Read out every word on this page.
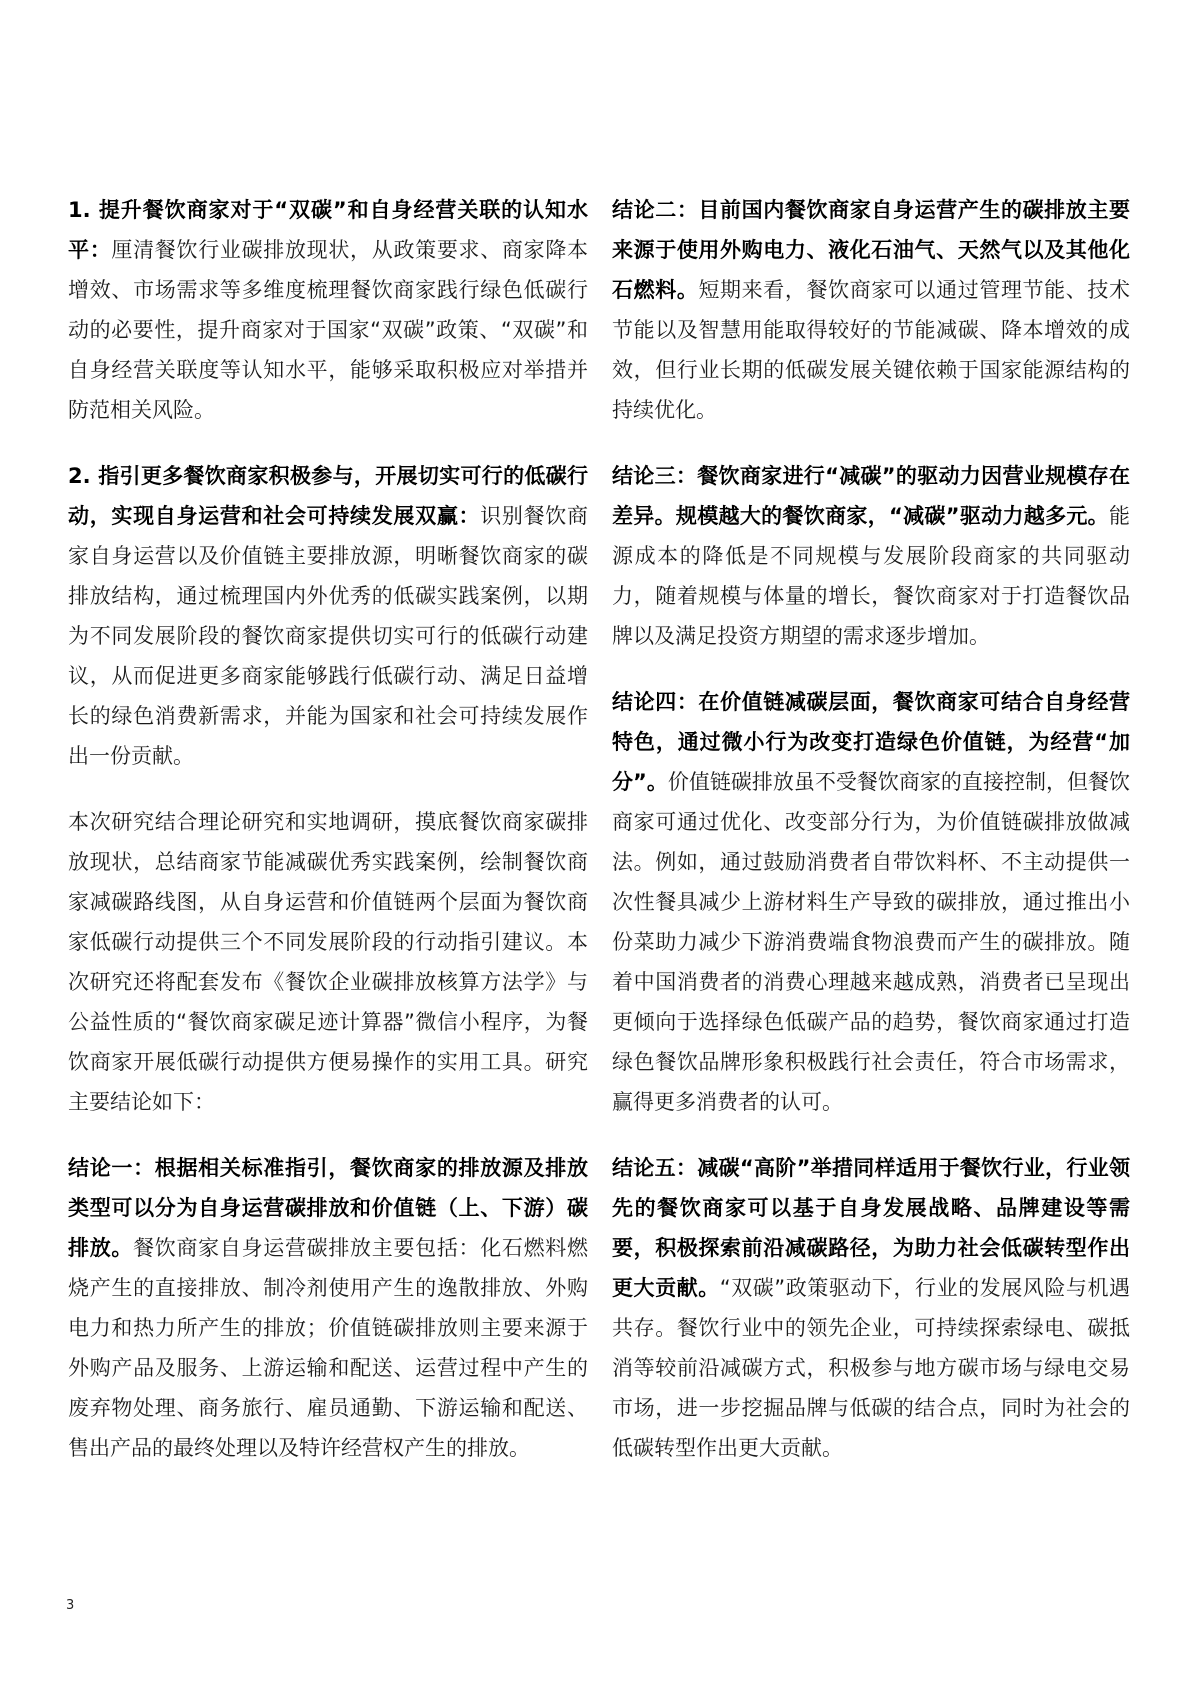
1. 提升餐饮商家对于“双碳”和自身经营关联的认知水平：厘清餐饮行业碳排放现状，从政策要求、商家降本增效、市场需求等多维度梳理餐饮商家践行绿色低碳行动的必要性，提升商家对于国家“双碳”政策、“双碳”和自身经营关联度等认知水平，能够采取积极应对举措并防范相关风险。

2. 指引更多餐饮商家积极参与，开展切实可行的低碳行动，实现自身运营和社会可持续发展双赢：识别餐饮商家自身运营以及价值链主要排放源，明晰餐饮商家的碳排放结构，通过梳理国内外优秀的低碳实践案例，以期为不同发展阶段的餐饮商家提供切实可行的低碳行动建议，从而促进更多商家能够践行低碳行动、满足日益增长的绿色消费新需求，并能为国家和社会可持续发展作出一份贡献。

本次研究结合理论研究和实地调研，摸底餐饮商家碳排放现状，总结商家节能减碳优秀实践案例，绘制餐饮商家减碳路线图，从自身运营和价值链两个层面为餐饮商家低碳行动提供三个不同发展阶段的行动指引建议。本次研究还将配套发布《餐饮企业碳排放核算方法学》与公益性质的“餐饮商家碳足迹计算器”微信小程序，为餐饮商家开展低碳行动提供方便易操作的实用工具。研究主要结论如下：

结论一：根据相关标准指引，餐饮商家的排放源及排放类型可以分为自身运营碳排放和价值链（上、下游）碳排放。餐饮商家自身运营碳排放主要包括：化石燃料燃烧产生的直接排放、制冷剂使用产生的逸散排放、外购电力和热力所产生的排放；价值链碳排放则主要来源于外购产品及服务、上游运输和配送、运营过程中产生的废弃物处理、商务旅行、雇员通勤、下游运输和配送、售出产品的最终处理以及特许经营权产生的排放。

结论二：目前国内餐饮商家自身运营产生的碳排放主要来源于使用外购电力、液化石油气、天然气以及其他化石燃料。短期来看，餐饮商家可以通过管理节能、技术节能以及智慧用能取得较好的节能减碳、降本增效的成效，但行业长期的低碳发展关键依赖于国家能源结构的持续优化。

结论三：餐饮商家进行“减碳”的驱动力因营业规模存在差异。规模越大的餐饮商家，“减碳”驱动力越多元。能源成本的降低是不同规模与发展阶段商家的共同驱动力，随着规模与体量的增长，餐饮商家对于打造餐饮品牌以及满足投资方期望的需求逐步增加。

结论四：在价值链减碳层面，餐饮商家可结合自身经营特色，通过微小行为改变打造绿色价值链，为经营“加分”。价值链碳排放虽不受餐饮商家的直接控制，但餐饮商家可通过优化、改变部分行为，为价值链碳排放做减法。例如，通过鼓励消费者自带饮料杯、不主动提供一次性餐具减少上游材料生产导致的碳排放，通过推出小份菜助力减少下游消费端食物浪费而产生的碳排放。随着中国消费者的消费心理越来越成熟，消费者已呈现出更倾向于选择绿色低碳产品的趋势，餐饮商家通过打造绿色餐饮品牌形象积极践行社会责任，符合市场需求，赢得更多消费者的认可。

结论五：减碳“高阶”举措同样适用于餐饮行业，行业领先的餐饮商家可以基于自身发展战略、品牌建设等需要，积极探索前沿减碳路径，为助力社会低碳转型作出更大贡献。“双碳”政策驱动下，行业的发展风险与机遇共存。餐饮行业中的领先企业，可持续探索绿电、碳抵消等较前沿减碳方式，积极参与地方碳市场与绿电交易市场，进一步挖掘品牌与低碳的结合点，同时为社会的低碳转型作出更大贡献。

3
